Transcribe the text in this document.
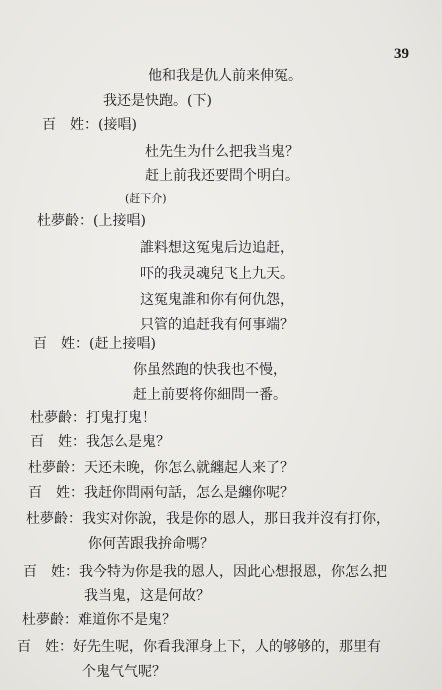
39
他和我是仇人前来伸冤。
我还是快跑。(下)
百　姓：(接唱)
杜先生为什么把我当鬼？
赶上前我还要問个明白。
(赶下介)
杜夢齡：(上接唱)
誰料想这冤鬼后边追赶，
吓的我灵魂兒飞上九天。
这冤鬼誰和你有何仇怨，
只管的追赶我有何事端？
百　姓：(赶上接唱)
你虽然跑的快我也不慢，
赶上前要将你細問一番。
杜夢齡：打鬼打鬼！
百　姓：我怎么是鬼？
杜夢齡：天还未晚，你怎么就纏起人来了？
百　姓：我赶你問兩句話，怎么是纏你呢？
杜夢齡：我实对你說，我是你的恩人，那日我并沒有打你，
你何苦跟我拚命嗎？
百　姓：我今特为你是我的恩人，因此心想报恩，你怎么把
我当鬼，这是何故？
杜夢齡：难道你不是鬼？
百　姓：好先生呢，你看我渾身上下，人的够够的，那里有
个鬼气气呢？
